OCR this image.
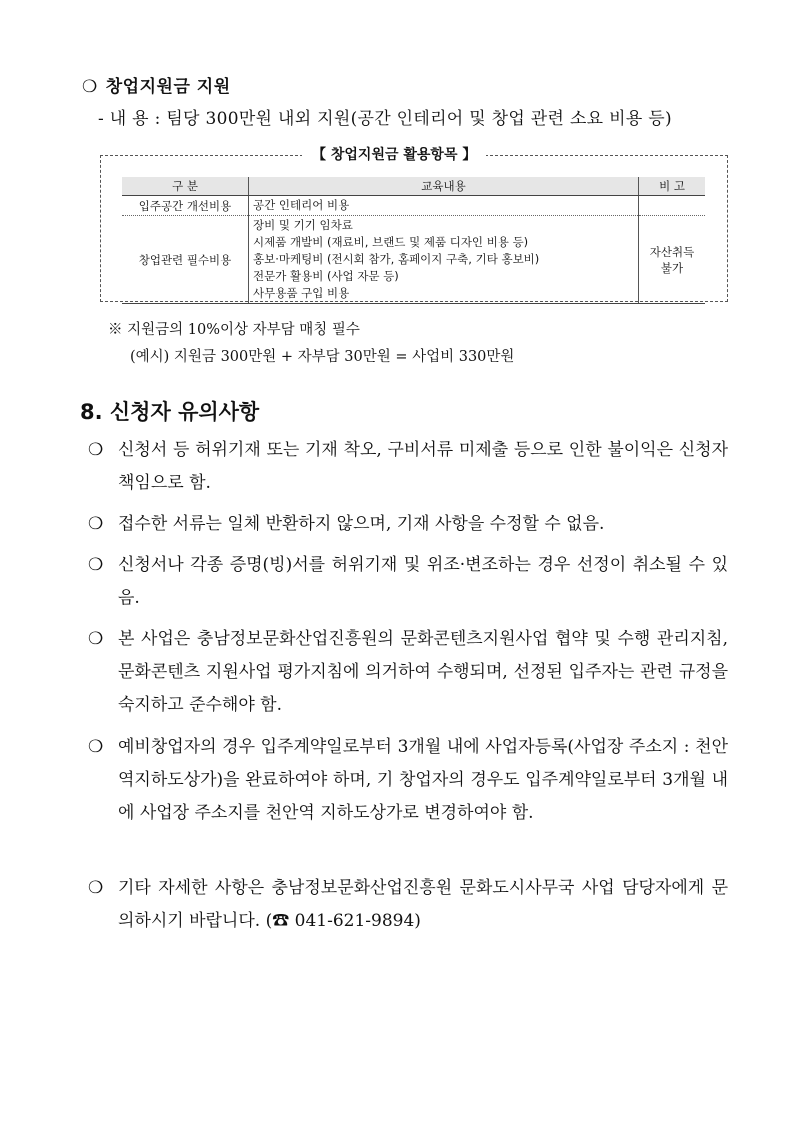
❍ 창업지원금 지원
- 내 용 : 팀당 300만원 내외 지원(공간 인테리어 및 창업 관련 소요 비용 등)
【 창업지원금 활용항목 】
구 분	교육내용	비 고
입주공간 개선비용	공간 인테리어 비용	

창업관련 필수비용	장비 및 기기 임차료
시제품 개발비 (재료비, 브랜드 및 제품 디자인 비용 등)
홍보·마케팅비 (전시회 참가, 홈페이지 구축, 기타 홍보비)
전문가 활용비 (사업 자문 등)
사무용품 구입 비용	자산취득 불가
※ 지원금의 10%이상 자부담 매칭 필수
(예시) 지원금 300만원 + 자부담 30만원 = 사업비 330만원
8. 신청자 유의사항
❍ 신청서 등 허위기재 또는 기재 착오, 구비서류 미제출 등으로 인한 불이익은 신청자 책임으로 함.
❍ 접수한 서류는 일체 반환하지 않으며, 기재 사항을 수정할 수 없음.
❍ 신청서나 각종 증명(빙)서를 허위기재 및 위조·변조하는 경우 선정이 취소될 수 있음.
❍ 본 사업은 충남정보문화산업진흥원의 문화콘텐츠지원사업 협약 및 수행 관리지침, 문화콘텐츠 지원사업 평가지침에 의거하여 수행되며, 선정된 입주자는 관련 규정을 숙지하고 준수해야 함.
❍ 예비창업자의 경우 입주계약일로부터 3개월 내에 사업자등록(사업장 주소지 : 천안역지하도상가)을 완료하여야 하며, 기 창업자의 경우도 입주계약일로부터 3개월 내에 사업장 주소지를 천안역 지하도상가로 변경하여야 함.
❍ 기타 자세한 사항은 충남정보문화산업진흥원 문화도시사무국 사업 담당자에게 문의하시기 바랍니다. (☎ 041-621-9894)
